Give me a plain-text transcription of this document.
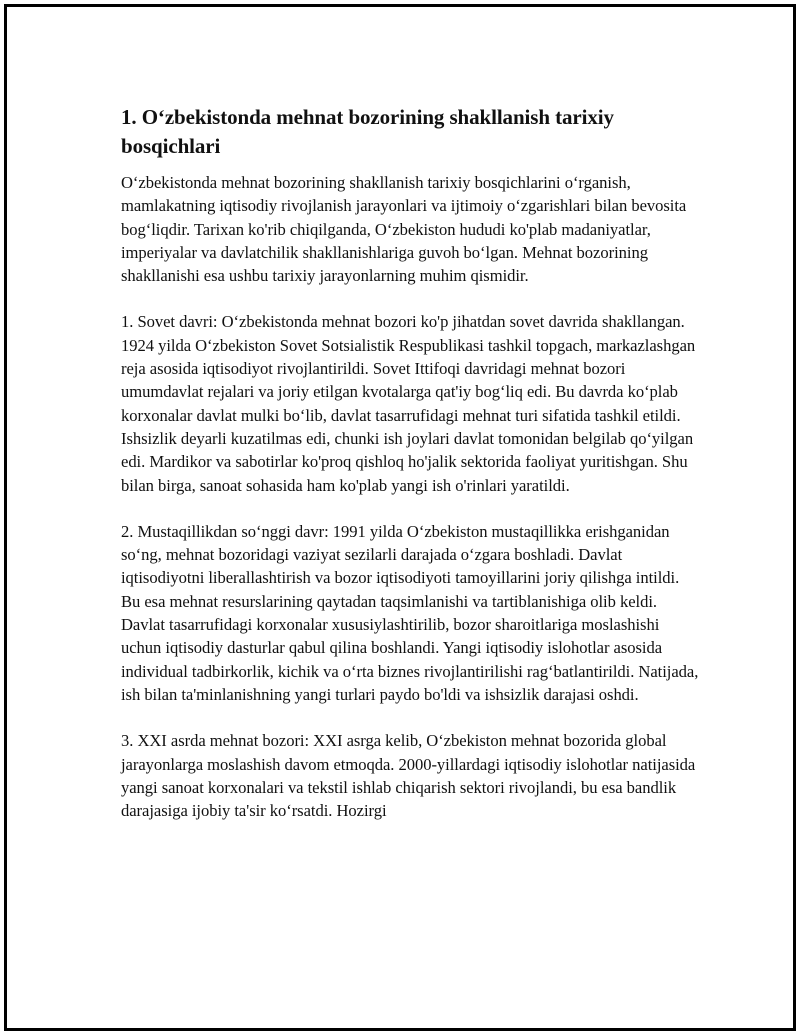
1. O‘zbekistonda mehnat bozorining shakllanish tarixiy bosqichlari

O‘zbekistonda mehnat bozorining shakllanish tarixiy bosqichlarini o‘rganish, mamlakatning iqtisodiy rivojlanish jarayonlari va ijtimoiy o‘zgarishlari bilan bevosita bog‘liqdir. Tarixan ko'rib chiqilganda, O‘zbekiston hududi ko'plab madaniyatlar, imperiyalar va davlatchilik shakllanishlariga guvoh bo‘lgan. Mehnat bozorining shakllanishi esa ushbu tarixiy jarayonlarning muhim qismidir.

1. Sovet davri: O‘zbekistonda mehnat bozori ko'p jihatdan sovet davrida shakllangan. 1924 yilda O‘zbekiston Sovet Sotsialistik Respublikasi tashkil topgach, markazlashgan reja asosida iqtisodiyot rivojlantirildi. Sovet Ittifoqi davridagi mehnat bozori umumdavlat rejalari va joriy etilgan kvotalarga qat'iy bog‘liq edi. Bu davrda ko‘plab korxonalar davlat mulki bo‘lib, davlat tasarrufidagi mehnat turi sifatida tashkil etildi. Ishsizlik deyarli kuzatilmas edi, chunki ish joylari davlat tomonidan belgilab qo‘yilgan edi. Mardikor va sabotirlar ko'proq qishloq ho'jalik sektorida faoliyat yuritishgan. Shu bilan birga, sanoat sohasida ham ko'plab yangi ish o'rinlari yaratildi.

2. Mustaqillikdan so‘nggi davr: 1991 yilda O‘zbekiston mustaqillikka erishganidan so‘ng, mehnat bozoridagi vaziyat sezilarli darajada o‘zgara boshladi. Davlat iqtisodiyotni liberallashtirish va bozor iqtisodiyoti tamoyillarini joriy qilishga intildi. Bu esa mehnat resurslarining qaytadan taqsimlanishi va tartiblanishiga olib keldi. Davlat tasarrufidagi korxonalar xususiylashtirilib, bozor sharoitlariga moslashishi uchun iqtisodiy dasturlar qabul qilina boshlandi. Yangi iqtisodiy islohotlar asosida individual tadbirkorlik, kichik va o‘rta biznes rivojlantirilishi rag‘batlantirildi. Natijada, ish bilan ta'minlanishning yangi turlari paydo bo'ldi va ishsizlik darajasi oshdi.

3. XXI asrda mehnat bozori: XXI asrga kelib, O‘zbekiston mehnat bozorida global jarayonlarga moslashish davom etmoqda. 2000-yillardagi iqtisodiy islohotlar natijasida yangi sanoat korxonalari va tekstil ishlab chiqarish sektori rivojlandi, bu esa bandlik darajasiga ijobiy ta'sir ko‘rsatdi. Hozirgi
